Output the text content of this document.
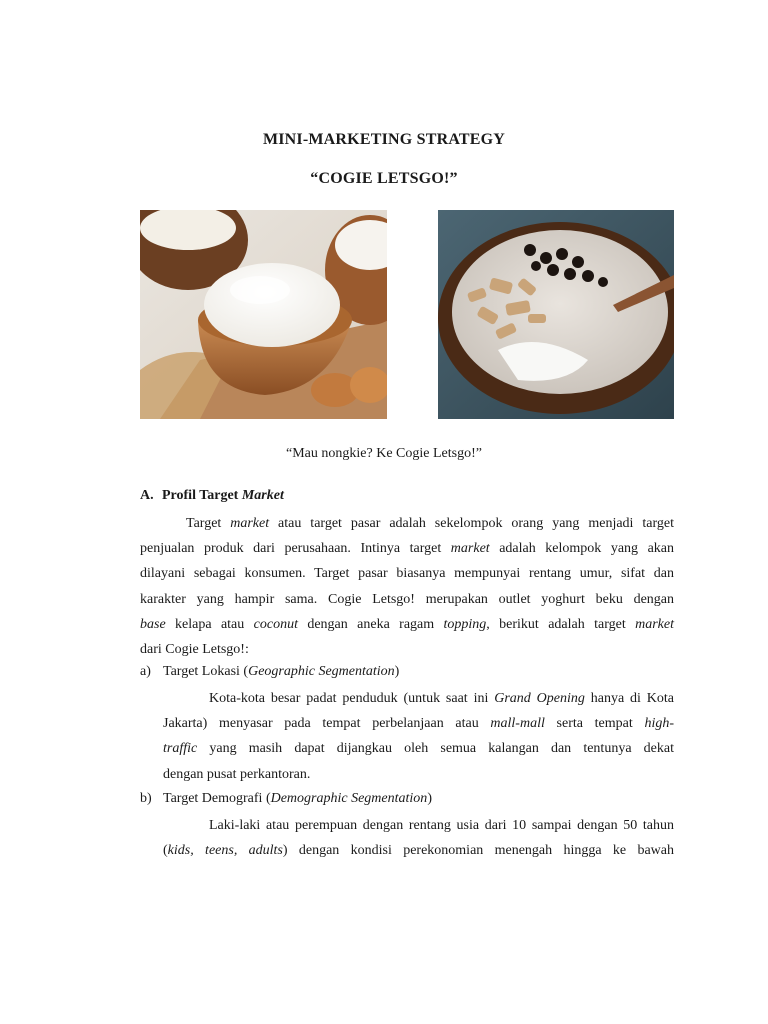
MINI-MARKETING STRATEGY
“COGIE LETSGO!”
“Mau nongkie? Ke Cogie Letsgo!”
A. Profil Target Market
Target market atau target pasar adalah sekelompok orang yang menjadi target
penjualan produk dari perusahaan. Intinya target market adalah kelompok yang akan
dilayani sebagai konsumen. Target pasar biasanya mempunyai rentang umur, sifat dan
karakter yang hampir sama. Cogie Letsgo! merupakan outlet yoghurt beku dengan
base kelapa atau coconut dengan aneka ragam topping, berikut adalah target market
dari Cogie Letsgo!:
a) Target Lokasi (Geographic Segmentation)
Kota-kota besar padat penduduk (untuk saat ini Grand Opening hanya di Kota
Jakarta) menyasar pada tempat perbelanjaan atau mall-mall serta tempat high-
traffic yang masih dapat dijangkau oleh semua kalangan dan tentunya dekat
dengan pusat perkantoran.
b) Target Demografi (Demographic Segmentation)
Laki-laki atau perempuan dengan rentang usia dari 10 sampai dengan 50 tahun
(kids, teens, adults) dengan kondisi perekonomian menengah hingga ke bawah
